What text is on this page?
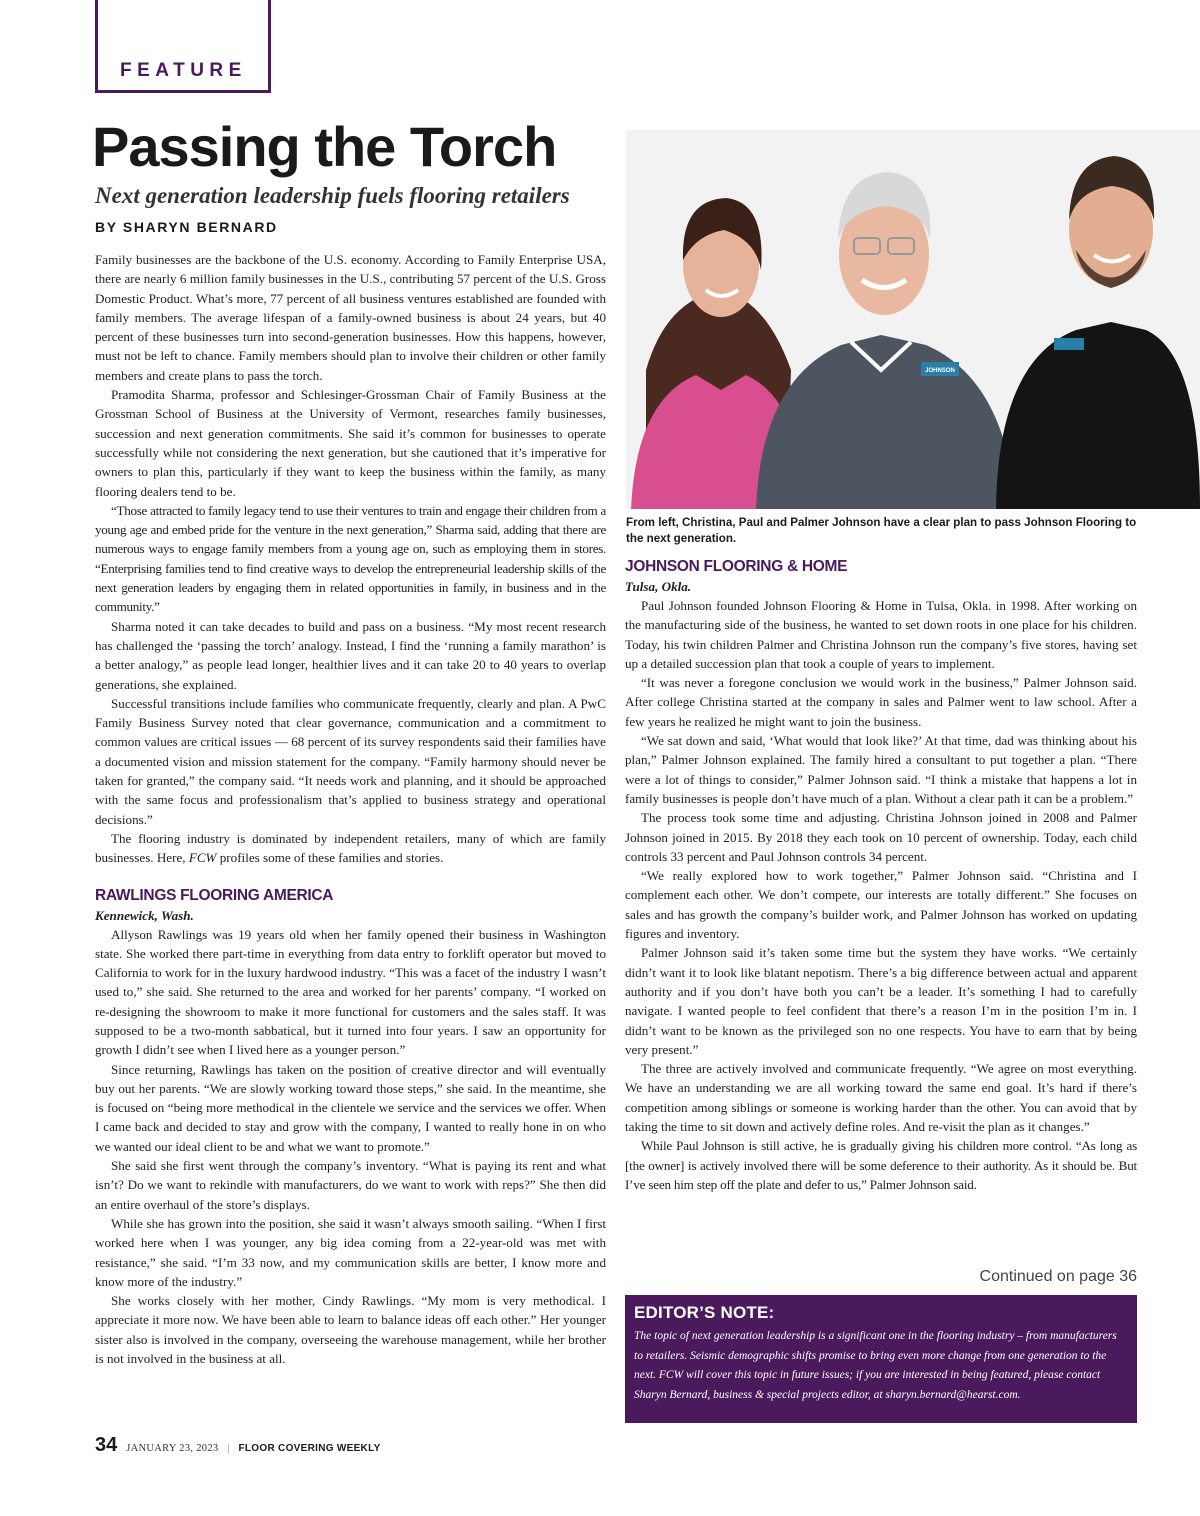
FEATURE
Passing the Torch
Next generation leadership fuels flooring retailers
BY SHARYN BERNARD

Family businesses are the backbone of the U.S. economy. According to Family Enterprise USA, there are nearly 6 million family businesses in the U.S., contributing 57 percent of the U.S. Gross Domestic Product. What’s more, 77 percent of all business ventures established are founded with family members. The average lifespan of a family-owned business is about 24 years, but 40 percent of these businesses turn into second-generation businesses. How this happens, however, must not be left to chance. Family members should plan to involve their children or other family members and create plans to pass the torch.

Pramodita Sharma, professor and Schlesinger-Grossman Chair of Family Business at the Grossman School of Business at the University of Vermont, researches family businesses, succession and next generation commitments. She said it’s common for businesses to operate successfully while not considering the next generation, but she cautioned that it’s imperative for owners to plan this, particularly if they want to keep the business within the family, as many flooring dealers tend to be.

“Those attracted to family legacy tend to use their ventures to train and engage their children from a young age and embed pride for the venture in the next generation,” Sharma said, adding that there are numerous ways to engage family members from a young age on, such as employing them in stores. “Enterprising families tend to find creative ways to develop the entrepreneurial leadership skills of the next generation leaders by engaging them in related opportunities in family, in business and in the community.”

Sharma noted it can take decades to build and pass on a business. “My most recent research has challenged the ‘passing the torch’ analogy. Instead, I find the ‘running a family marathon’ is a better analogy,” as people lead longer, healthier lives and it can take 20 to 40 years to overlap generations, she explained.

Successful transitions include families who communicate frequently, clearly and plan. A PwC Family Business Survey noted that clear governance, communication and a commitment to common values are critical issues — 68 percent of its survey respondents said their families have a documented vision and mission statement for the company. “Family harmony should never be taken for granted,” the company said. “It needs work and planning, and it should be approached with the same focus and professionalism that’s applied to business strategy and operational decisions.”

The flooring industry is dominated by independent retailers, many of which are family businesses. Here, FCW profiles some of these families and stories.

RAWLINGS FLOORING AMERICA
Kennewick, Wash.

Allyson Rawlings was 19 years old when her family opened their business in Washington state. She worked there part-time in everything from data entry to forklift operator but moved to California to work for in the luxury hardwood industry. “This was a facet of the industry I wasn’t used to,” she said. She returned to the area and worked for her parents’ company. “I worked on re-designing the showroom to make it more functional for customers and the sales staff. It was supposed to be a two-month sabbatical, but it turned into four years. I saw an opportunity for growth I didn’t see when I lived here as a younger person.”

Since returning, Rawlings has taken on the position of creative director and will eventually buy out her parents. “We are slowly working toward those steps,” she said. In the meantime, she is focused on “being more methodical in the clientele we service and the services we offer. When I came back and decided to stay and grow with the company, I wanted to really hone in on who we wanted our ideal client to be and what we want to promote.”

She said she first went through the company’s inventory. “What is paying its rent and what isn’t? Do we want to rekindle with manufacturers, do we want to work with reps?” She then did an entire overhaul of the store’s displays.

While she has grown into the position, she said it wasn’t always smooth sailing. “When I first worked here when I was younger, any big idea coming from a 22-year-old was met with resistance,” she said. “I’m 33 now, and my communication skills are better, I know more and know more of the industry.”

She works closely with her mother, Cindy Rawlings. “My mom is very methodical. I appreciate it more now. We have been able to learn to balance ideas off each other.” Her younger sister also is involved in the company, overseeing the warehouse management, while her brother is not involved in the business at all.

JOHNSON
From left, Christina, Paul and Palmer Johnson have a clear plan to pass Johnson Flooring to the next generation.
JOHNSON FLOORING & HOME
Tulsa, Okla.

Paul Johnson founded Johnson Flooring & Home in Tulsa, Okla. in 1998. After working on the manufacturing side of the business, he wanted to set down roots in one place for his children. Today, his twin children Palmer and Christina Johnson run the company’s five stores, having set up a detailed succession plan that took a couple of years to implement.

“It was never a foregone conclusion we would work in the business,” Palmer Johnson said. After college Christina started at the company in sales and Palmer went to law school. After a few years he realized he might want to join the business.

“We sat down and said, ‘What would that look like?’ At that time, dad was thinking about his plan,” Palmer Johnson explained. The family hired a consultant to put together a plan. “There were a lot of things to consider,” Palmer Johnson said. “I think a mistake that happens a lot in family businesses is people don’t have much of a plan. Without a clear path it can be a problem.”

The process took some time and adjusting. Christina Johnson joined in 2008 and Palmer Johnson joined in 2015. By 2018 they each took on 10 percent of ownership. Today, each child controls 33 percent and Paul Johnson controls 34 percent.

“We really explored how to work together,” Palmer Johnson said. “Christina and I complement each other. We don’t compete, our interests are totally different.” She focuses on sales and has growth the company’s builder work, and Palmer Johnson has worked on updating figures and inventory.

Palmer Johnson said it’s taken some time but the system they have works. “We certainly didn’t want it to look like blatant nepotism. There’s a big difference between actual and apparent authority and if you don’t have both you can’t be a leader. It’s something I had to carefully navigate. I wanted people to feel confident that there’s a reason I’m in the position I’m in. I didn’t want to be known as the privileged son no one respects. You have to earn that by being very present.”

The three are actively involved and communicate frequently. “We agree on most everything. We have an understanding we are all working toward the same end goal. It’s hard if there’s competition among siblings or someone is working harder than the other. You can avoid that by taking the time to sit down and actively define roles. And re-visit the plan as it changes.”

While Paul Johnson is still active, he is gradually giving his children more control. “As long as [the owner] is actively involved there will be some deference to their authority. As it should be. But I’ve seen him step off the plate and defer to us,” Palmer Johnson said.

Continued on page 36
EDITOR’S NOTE:
The topic of next generation leadership is a significant one in the flooring industry – from manufacturers to retailers. Seismic demographic shifts promise to bring even more change from one generation to the next. FCW will cover this topic in future issues; if you are interested in being featured, please contact Sharyn Bernard, business & special projects editor, at sharyn.bernard@hearst.com.
34 JANUARY 23, 2023 | FLOOR COVERING WEEKLY
